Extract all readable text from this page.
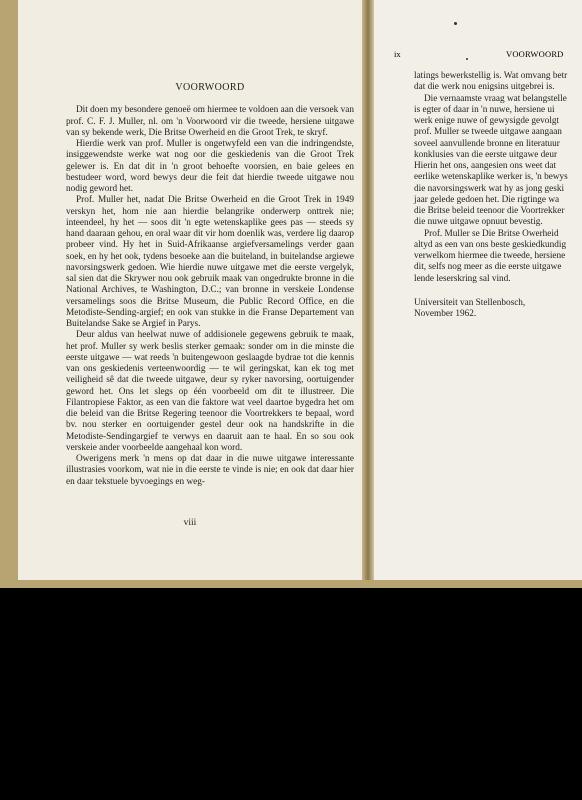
VOORWOORD

Dit doen my besondere genoeë om hiermee te voldoen aan die versoek van prof. C. F. J. Muller, nl. om 'n Voorwoord vir die tweede, hersiene uitgawe van sy bekende werk, Die Britse Owerheid en die Groot Trek, te skryf.

Hierdie werk van prof. Muller is ongetwyfeld een van die indringendste, insiggewendste werke wat nog oor die geskiedenis van die Groot Trek gelewer is. En dat dit in 'n groot behoefte voorsien, en baie gelees en bestudeer word, word bewys deur die feit dat hierdie tweede uitgawe nou nodig geword het.

Prof. Muller het, nadat Die Britse Owerheid en die Groot Trek in 1949 verskyn het, hom nie aan hierdie belangrike onderwerp onttrek nie; inteendeel, hy het — soos dit 'n egte wetenskaplike gees pas — steeds sy hand daaraan gehou, en oral waar dit vir hom doenlik was, verdere lig daarop probeer vind. Hy het in Suid-Afrikaanse argiefversamelings verder gaan soek, en hy het ook, tydens besoeke aan die buiteland, in buitelandse argiewe navorsingswerk gedoen. Wie hierdie nuwe uitgawe met die eerste vergelyk, sal sien dat die Skrywer nou ook gebruik maak van ongedrukte bronne in die National Archives, te Washington, D.C.; van bronne in verskeie Londense versamelings soos die Britse Museum, die Public Record Office, en die Metodiste-Sending-argief; en ook van stukke in die Franse Departement van Buitelandse Sake se Argief in Parys.

Deur aldus van heelwat nuwe of addisionele gegewens gebruik te maak, het prof. Muller sy werk beslis sterker gemaak: sonder om in die minste die eerste uitgawe — wat reeds 'n buitengewoon geslaagde bydrae tot die kennis van ons geskiedenis verteenwoordig — te wil geringskat, kan ek tog met veiligheid sê dat die tweede uitgawe, deur sy ryker navorsing, oortuigender geword het. Ons let slegs op één voorbeeld om dit te illustreer. Die Filantropiese Faktor, as een van die faktore wat veel daartoe bygedra het om die beleid van die Britse Regering teenoor die Voortrekkers te bepaal, word bv. nou sterker en oortuigender gestel deur ook na handskrifte in die Metodiste-Sendingargief te verwys en daaruit aan te haal. En so sou ook verskeie ander voorbeelde aangehaal kon word.

Owerigens merk 'n mens op dat daar in die nuwe uitgawe interessante illustrasies voorkom, wat nie in die eerste te vinde is nie; en ook dat daar hier en daar tekstuele byvoegings en weg-

viii
ix	VOORWOORD

latings bewerkstellig is. Wat omvang betr

dat die werk nou enigsins uitgebrei is.

Die vernaamste vraag wat belangstelle

is egter of daar in 'n nuwe, hersiene ui

werk enige nuwe of gewysigde gevolgt

prof. Muller se tweede uitgawe aangaan

soveel aanvullende bronne en literatuur

konklusies van die eerste uitgawe deur

Hierin het ons, aangesien ons weet dat

eerlike wetenskaplike werker is, 'n bewys

die navorsingswerk wat hy as jong geski

jaar gelede gedoen het. Die rigtinge wa

die Britse beleid teenoor die Voortrekker

die nuwe uitgawe opnuut bevestig.

Prof. Muller se Die Britse Owerheid

altyd as een van ons beste geskiedkundig

verwelkom hiermee die tweede, hersiene

dit, selfs nog meer as die eerste uitgawe

lende leserskring sal vind.

Universiteit van Stellenbosch,

November 1962.
